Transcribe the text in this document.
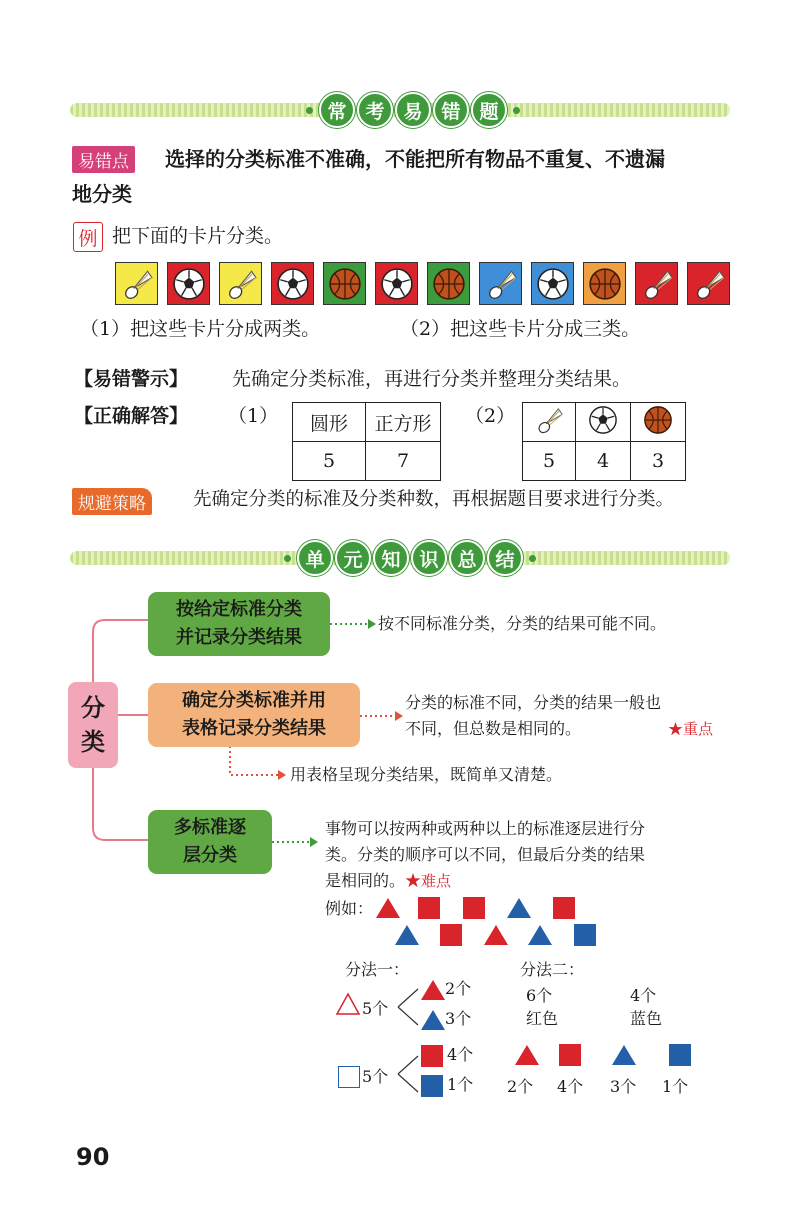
常 考 易 错 题
易错点	选择的分类标准不准确，不能把所有物品不重复、不遗漏
地分类
例 把下面的卡片分类。
（1）把这些卡片分成两类。	（2）把这些卡片分成三类。
【易错警示】 先确定分类标准，再进行分类并整理分类结果。
【正确解答】 （1） 圆形	正方形
5	7
（2）

5	4	3
规避策略	先确定分类的标准及分类种数，再根据题目要求进行分类。
单 元 知 识 总 结
分
类
按给定标准分类
并记录分类结果
按不同标准分类，分类的结果可能不同。
确定分类标准并用
表格记录分类结果
分类的标准不同，分类的结果一般也
不同，但总数是相同的。	★重点
用表格呈现分类结果，既简单又清楚。
多标准逐
层分类
事物可以按两种或两种以上的标准逐层进行分
类。分类的顺序可以不同，但最后分类的结果
是相同的。★难点
例如：
分法一：	分法二：
5个
2个
3个
5个
4个
1个
6个
红色
4个
蓝色
2个 4个 3个 1个
90
